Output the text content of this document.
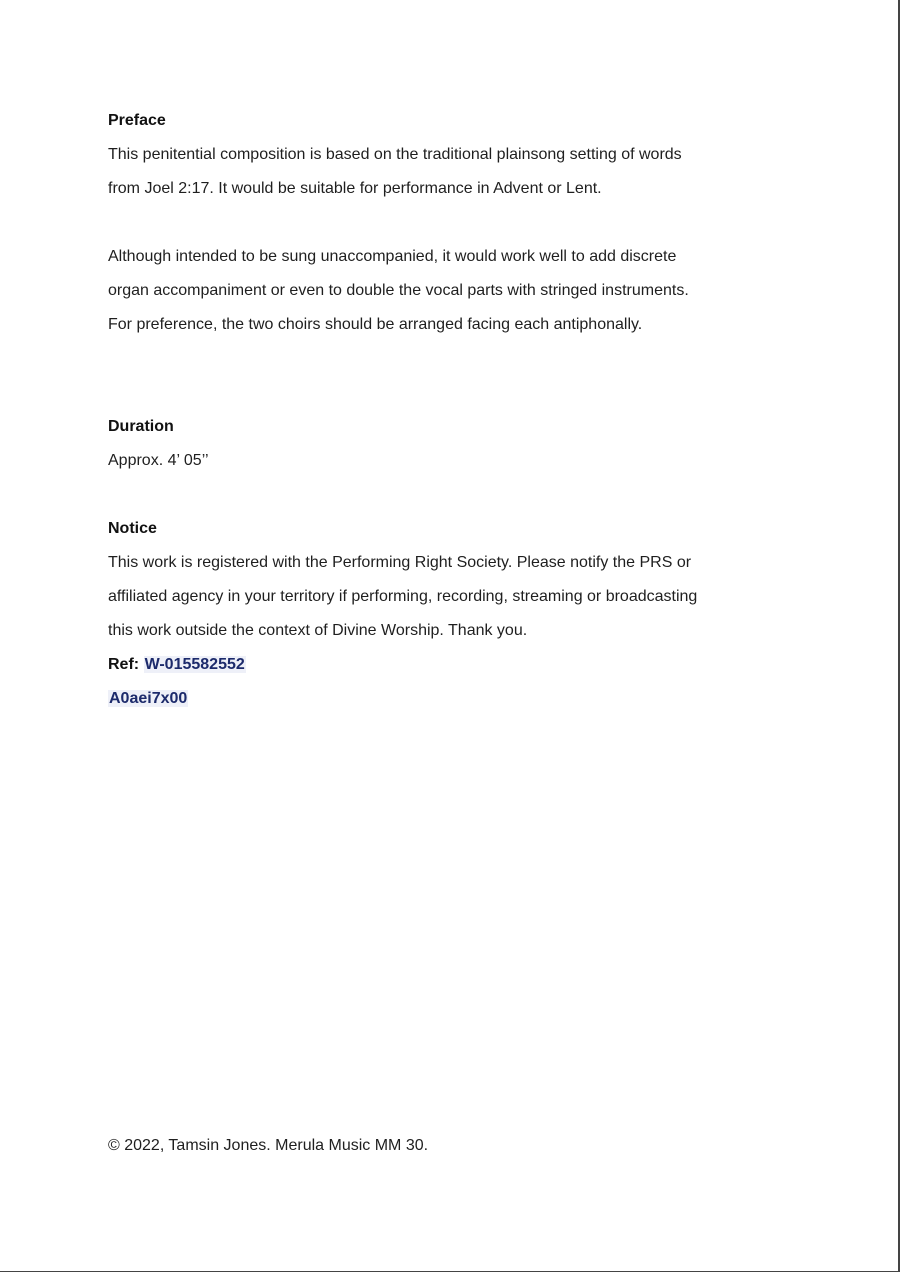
Preface
This penitential composition is based on the traditional plainsong setting of words
from Joel 2:17. It would be suitable for performance in Advent or Lent.
Although intended to be sung unaccompanied, it would work well to add discrete
organ accompaniment or even to double the vocal parts with stringed instruments.
For preference, the two choirs should be arranged facing each antiphonally.
Duration
Approx. 4’ 05’’
Notice
This work is registered with the Performing Right Society. Please notify the PRS or
affiliated agency in your territory if performing, recording, streaming or broadcasting
this work outside the context of Divine Worship. Thank you.
Ref: W-015582552
A0aei7x00
© 2022, Tamsin Jones. Merula Music MM 30.
